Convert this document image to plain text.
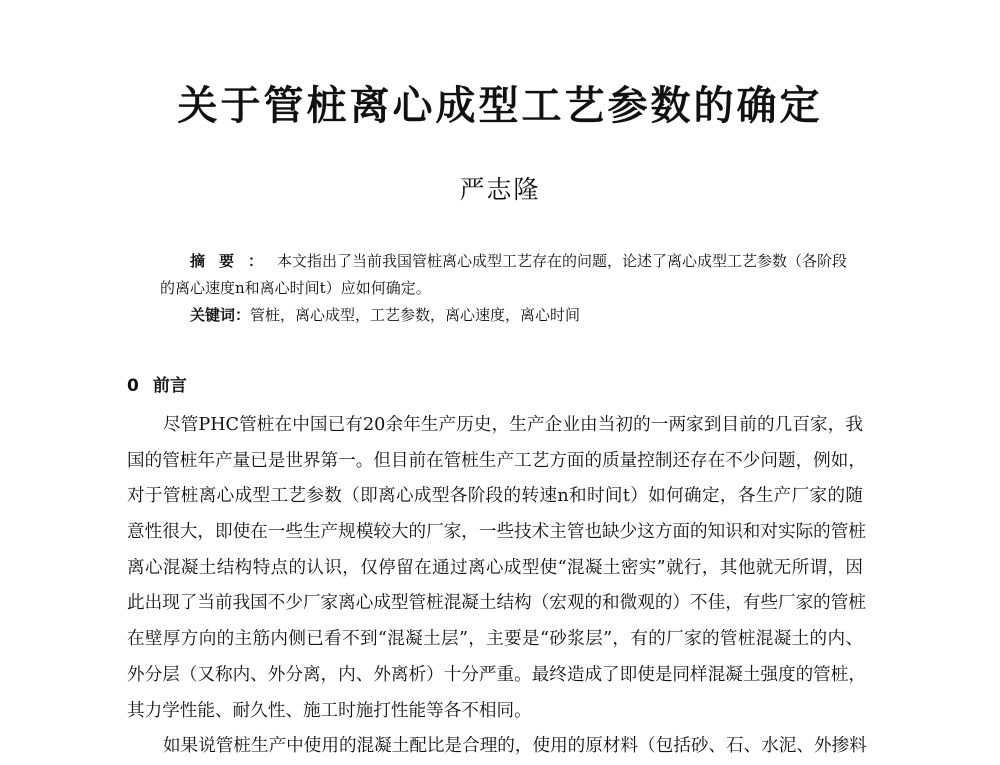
关于管桩离心成型工艺参数的确定
严志隆
摘要：本文指出了当前我国管桩离心成型工艺存在的问题，论述了离心成型工艺参数（各阶段
的离心速度n和离心时间t）应如何确定。
关键词：管桩，离心成型，工艺参数，离心速度，离心时间
0 前言
尽管PHC管桩在中国已有20余年生产历史，生产企业由当初的一两家到目前的几百家，我
国的管桩年产量已是世界第一。但目前在管桩生产工艺方面的质量控制还存在不少问题，例如，
对于管桩离心成型工艺参数（即离心成型各阶段的转速n和时间t）如何确定，各生产厂家的随
意性很大，即使在一些生产规模较大的厂家，一些技术主管也缺少这方面的知识和对实际的管桩
离心混凝土结构特点的认识，仅停留在通过离心成型使“混凝土密实”就行，其他就无所谓，因
此出现了当前我国不少厂家离心成型管桩混凝土结构（宏观的和微观的）不佳，有些厂家的管桩
在壁厚方向的主筋内侧已看不到“混凝土层”，主要是“砂浆层”，有的厂家的管桩混凝土的内、
外分层（又称内、外分离，内、外离析）十分严重。最终造成了即使是同样混凝土强度的管桩，
其力学性能、耐久性、施工时施打性能等各不相同。
如果说管桩生产中使用的混凝土配比是合理的，使用的原材料（包括砂、石、水泥、外掺料
